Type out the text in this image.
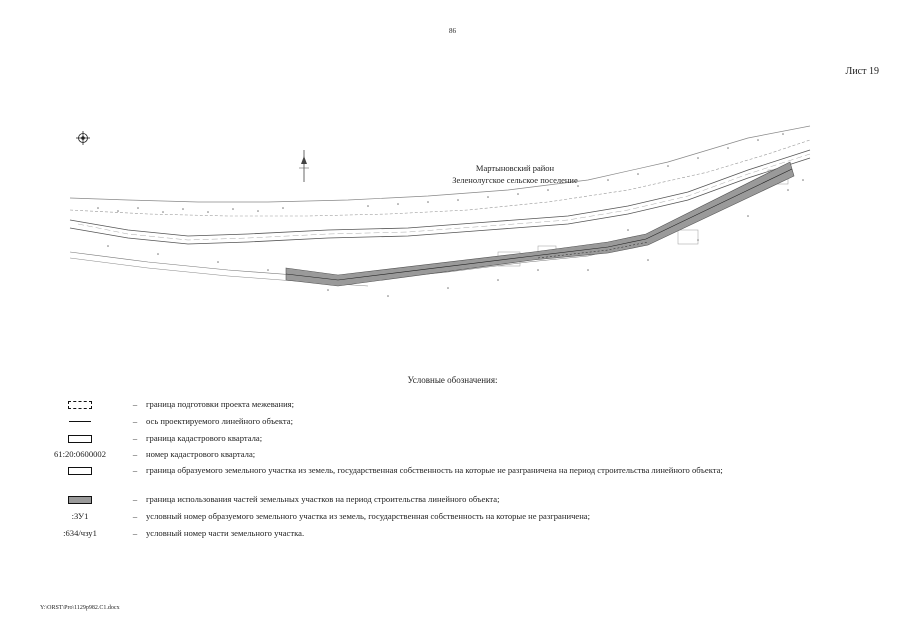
86
Лист 19
Мартыновский район
Зеленолугское сельское поселение
Условные обозначения:
–	граница подготовки проекта межевания;
–	ось проектируемого линейного объекта;
–	граница кадастрового квартала;
61:20:0600002	–	номер кадастрового квартала;
–	граница образуемого земельного участка из земель, государственная собственность на которые не разграничена на период строительства линейного объекта;
–	граница использования частей земельных участков на период строительства линейного объекта;
:ЗУ1	–	условный номер образуемого земельного участка из земель, государственная собственность на которые не разграничена;
:634/чзу1	–	условный номер части земельного участка.
Y:\ORST\Pro\1129p982.C1.docx
